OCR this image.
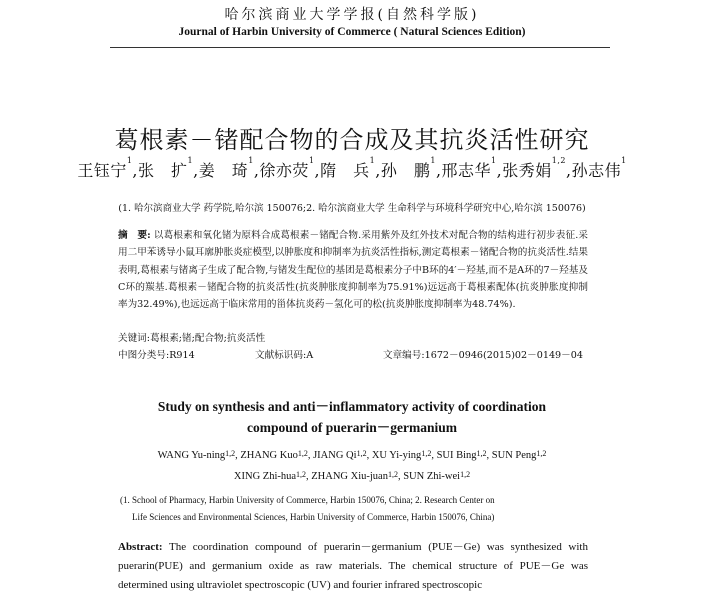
哈尔滨商业大学学报(自然科学版)
Journal of Harbin University of Commerce ( Natural Sciences Edition)
葛根素－锗配合物的合成及其抗炎活性研究
王钰宁$^1$,张　扩$^1$,姜　琦$^1$,徐亦荧$^1$,隋　兵$^1$,孙　鹏$^1$,邢志华$^1$,张秀娟$^{1,2}$,孙志伟$^1$
(1. 哈尔滨商业大学 药学院,哈尔滨 150076;2. 哈尔滨商业大学 生命科学与环境科学研究中心,哈尔滨 150076)
摘　要: 以葛根素和氧化锗为原料合成葛根素－锗配合物.采用紫外及红外技术对配合物的结构进行初步表征.采用二甲苯诱导小鼠耳廓肿胀炎症模型,以肿胀度和抑制率为抗炎活性指标,测定葛根素－锗配合物的抗炎活性.结果表明,葛根素与锗离子生成了配合物,与锗发生配位的基团是葛根素分子中B环的4′－羟基,而不是A环的7－羟基及C环的羰基.葛根素－锗配合物的抗炎活性(抗炎肿胀度抑制率为75.91%)远远高于葛根素配体(抗炎肿胀度抑制率为32.49%),也远远高于临床常用的甾体抗炎药－氢化可的松(抗炎肿胀度抑制率为48.74%).
关键词:葛根素;锗;配合物;抗炎活性
中图分类号:R914	文献标识码:A	文章编号:1672－0946(2015)02－0149－04
Study on synthesis and anti－inflammatory activity of coordination
compound of puerarin－germanium
WANG Yu-ning$^{1,2}$, ZHANG Kuo$^{1,2}$, JIANG Qi$^{1,2}$, XU Yi-ying$^{1,2}$, SUI Bing$^{1,2}$, SUN Peng$^{1,2}$
XING Zhi-hua$^{1,2}$, ZHANG Xiu-juan$^{1,2}$, SUN Zhi-wei$^{1,2}$
(1. School of Pharmacy, Harbin University of Commerce, Harbin 150076, China; 2. Research Center on
Life Sciences and Environmental Sciences, Harbin University of Commerce, Harbin 150076, China)
Abstract: The coordination compound of puerarin－germanium (PUE－Ge) was synthesized with puerarin(PUE) and germanium oxide as raw materials. The chemical structure of PUE－Ge was determined using ultraviolet spectroscopic (UV) and fourier infrared spectroscopic
